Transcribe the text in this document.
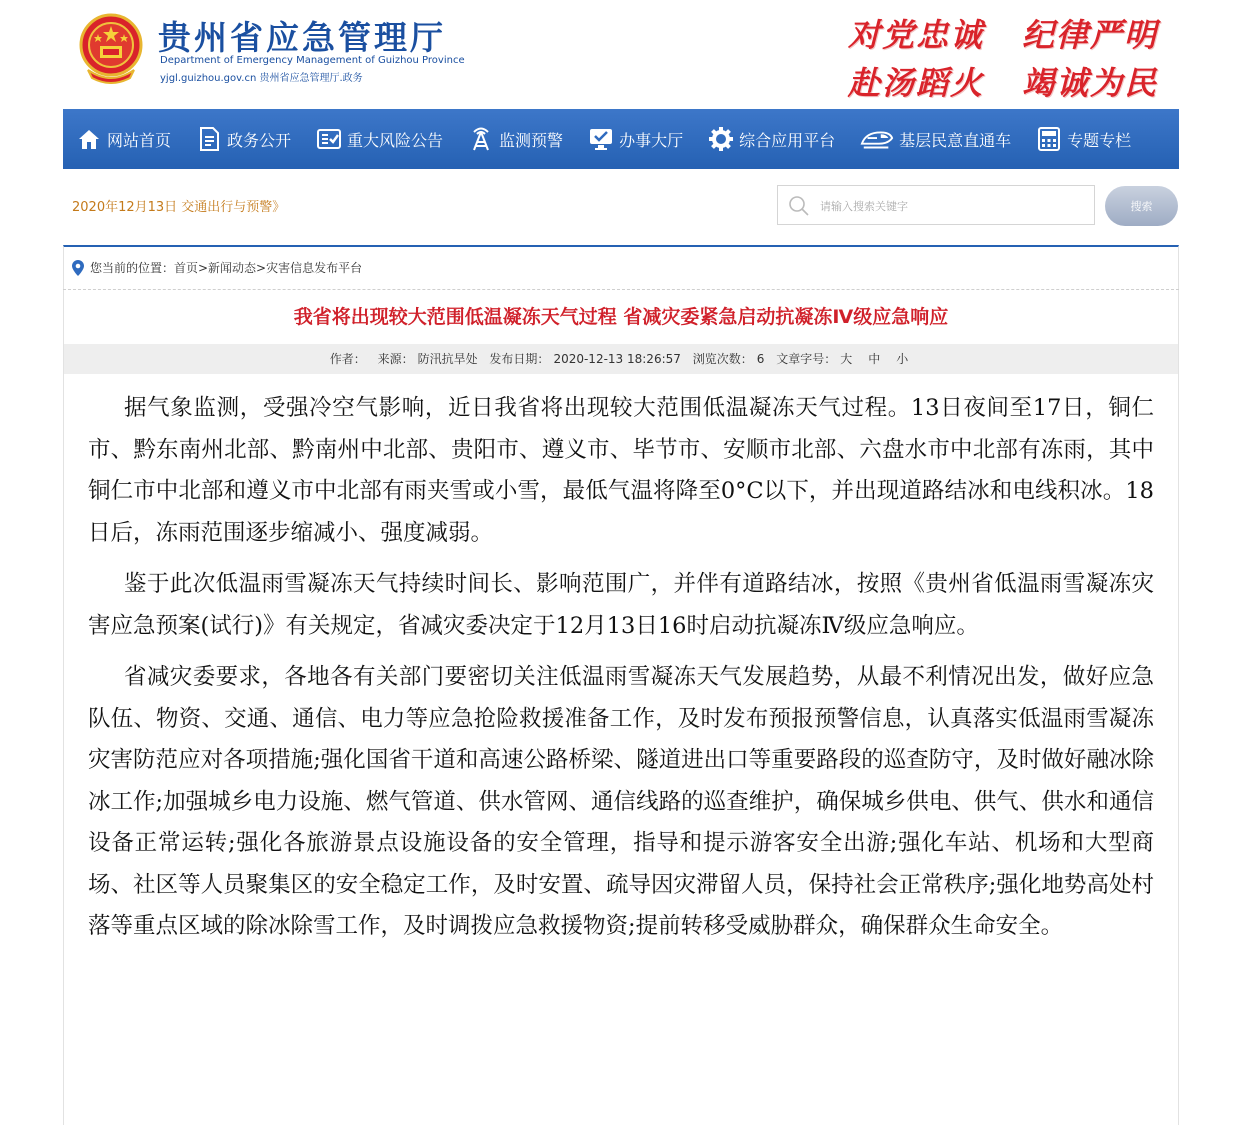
贵州省应急管理厅
Department of Emergency Management of Guizhou Province
yjgl.guizhou.gov.cn 贵州省应急管理厅.政务
对党忠诚 纪律严明
赴汤蹈火 竭诚为民
网站首页	政务公开	重大风险公告	监测预警	办事大厅	综合应用平台	基层民意直通车	专题专栏
2020年12月13日 交通出行与预警》
请输入搜索关键字	搜索
您当前的位置：首页>新闻动态>灾害信息发布平台
我省将出现较大范围低温凝冻天气过程 省减灾委紧急启动抗凝冻Ⅳ级应急响应
作者： 来源： 防汛抗旱处 发布日期： 2020-12-13 18:26:57 浏览次数： 6 文章字号： 大 中 小

据气象监测，受强冷空气影响，近日我省将出现较大范围低温凝冻天气过程。13日夜间至17日，铜仁市、黔东南州北部、黔南州中北部、贵阳市、遵义市、毕节市、安顺市北部、六盘水市中北部有冻雨，其中铜仁市中北部和遵义市中北部有雨夹雪或小雪，最低气温将降至0°C以下，并出现道路结冰和电线积冰。18日后，冻雨范围逐步缩减小、强度减弱。

鉴于此次低温雨雪凝冻天气持续时间长、影响范围广，并伴有道路结冰，按照《贵州省低温雨雪凝冻灾害应急预案(试行)》有关规定，省减灾委决定于12月13日16时启动抗凝冻Ⅳ级应急响应。

省减灾委要求，各地各有关部门要密切关注低温雨雪凝冻天气发展趋势，从最不利情况出发，做好应急队伍、物资、交通、通信、电力等应急抢险救援准备工作，及时发布预报预警信息，认真落实低温雨雪凝冻灾害防范应对各项措施;强化国省干道和高速公路桥梁、隧道进出口等重要路段的巡查防守，及时做好融冰除冰工作;加强城乡电力设施、燃气管道、供水管网、通信线路的巡查维护，确保城乡供电、供气、供水和通信设备正常运转;强化各旅游景点设施设备的安全管理，指导和提示游客安全出游;强化车站、机场和大型商场、社区等人员聚集区的安全稳定工作，及时安置、疏导因灾滞留人员，保持社会正常秩序;强化地势高处村落等重点区域的除冰除雪工作，及时调拨应急救援物资;提前转移受威胁群众，确保群众生命安全。
